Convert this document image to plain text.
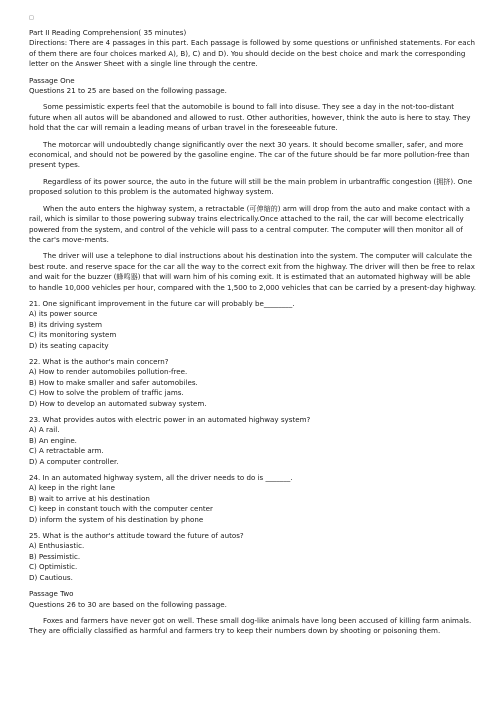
□
Part II Reading Comprehension( 35 minutes)
Directions: There are 4 passages in this part. Each passage is followed by some questions or unfinished statements. For each of them there are four choices marked A), B), C) and D). You should decide on the best choice and mark the corresponding letter on the Answer Sheet with a single line through the centre.
Passage One
Questions 21 to 25 are based on the following passage.
Some pessimistic experts feel that the automobile is bound to fall into disuse. They see a day in the not-too-distant future when all autos will be abandoned and allowed to rust. Other authorities, however, think the auto is here to stay. They hold that the car will remain a leading means of urban travel in the foreseeable future.
The motorcar will undoubtedly change significantly over the next 30 years. It should become smaller, safer, and more economical, and should not be powered by the gasoline engine. The car of the future should be far more pollution-free than present types.
Regardless of its power source, the auto in the future will still be the main problem in urbantraffic congestion (拥挤). One proposed solution to this problem is the automated highway system.
When the auto enters the highway system, a retractable (可伸缩的) arm will drop from the auto and make contact with a rail, which is similar to those powering subway trains electrically.Once attached to the rail, the car will become electrically powered from the system, and control of the vehicle will pass to a central computer. The computer will then monitor all of the car's move-ments.
The driver will use a telephone to dial instructions about his destination into the system. The computer will calculate the best route. and reserve space for the car all the way to the correct exit from the highway. The driver will then be free to relax and wait for the buzzer (蜂鸣器) that will warn him of his coming exit. It is estimated that an automated highway will be able to handle 10,000 vehicles per hour, compared with the 1,500 to 2,000 vehicles that can be carried by a present-day highway.
21. One significant improvement in the future car will probably be________.
A) its power source
B) its driving system
C) its monitoring system
D) its seating capacity
22. What is the author's main concern?
A) How to render automobiles pollution-free.
B) How to make smaller and safer automobiles.
C) How to solve the problem of traffic jams.
D) How to develop an automated subway system.
23. What provides autos with electric power in an automated highway system?
A) A rail.
B) An engine.
C) A retractable arm.
D) A computer controller.
24. In an automated highway system, all the driver needs to do is _______.
A) keep in the right lane
B) wait to arrive at his destination
C) keep in constant touch with the computer center
D) inform the system of his destination by phone
25. What is the author's attitude toward the future of autos?
A) Enthusiastic.
B) Pessimistic.
C) Optimistic.
D) Cautious.
Passage Two
Questions 26 to 30 are based on the following passage.
Foxes and farmers have never got on well. These small dog-like animals have long been accused of killing farm animals. They are officially classified as harmful and farmers try to keep their numbers down by shooting or poisoning them.
